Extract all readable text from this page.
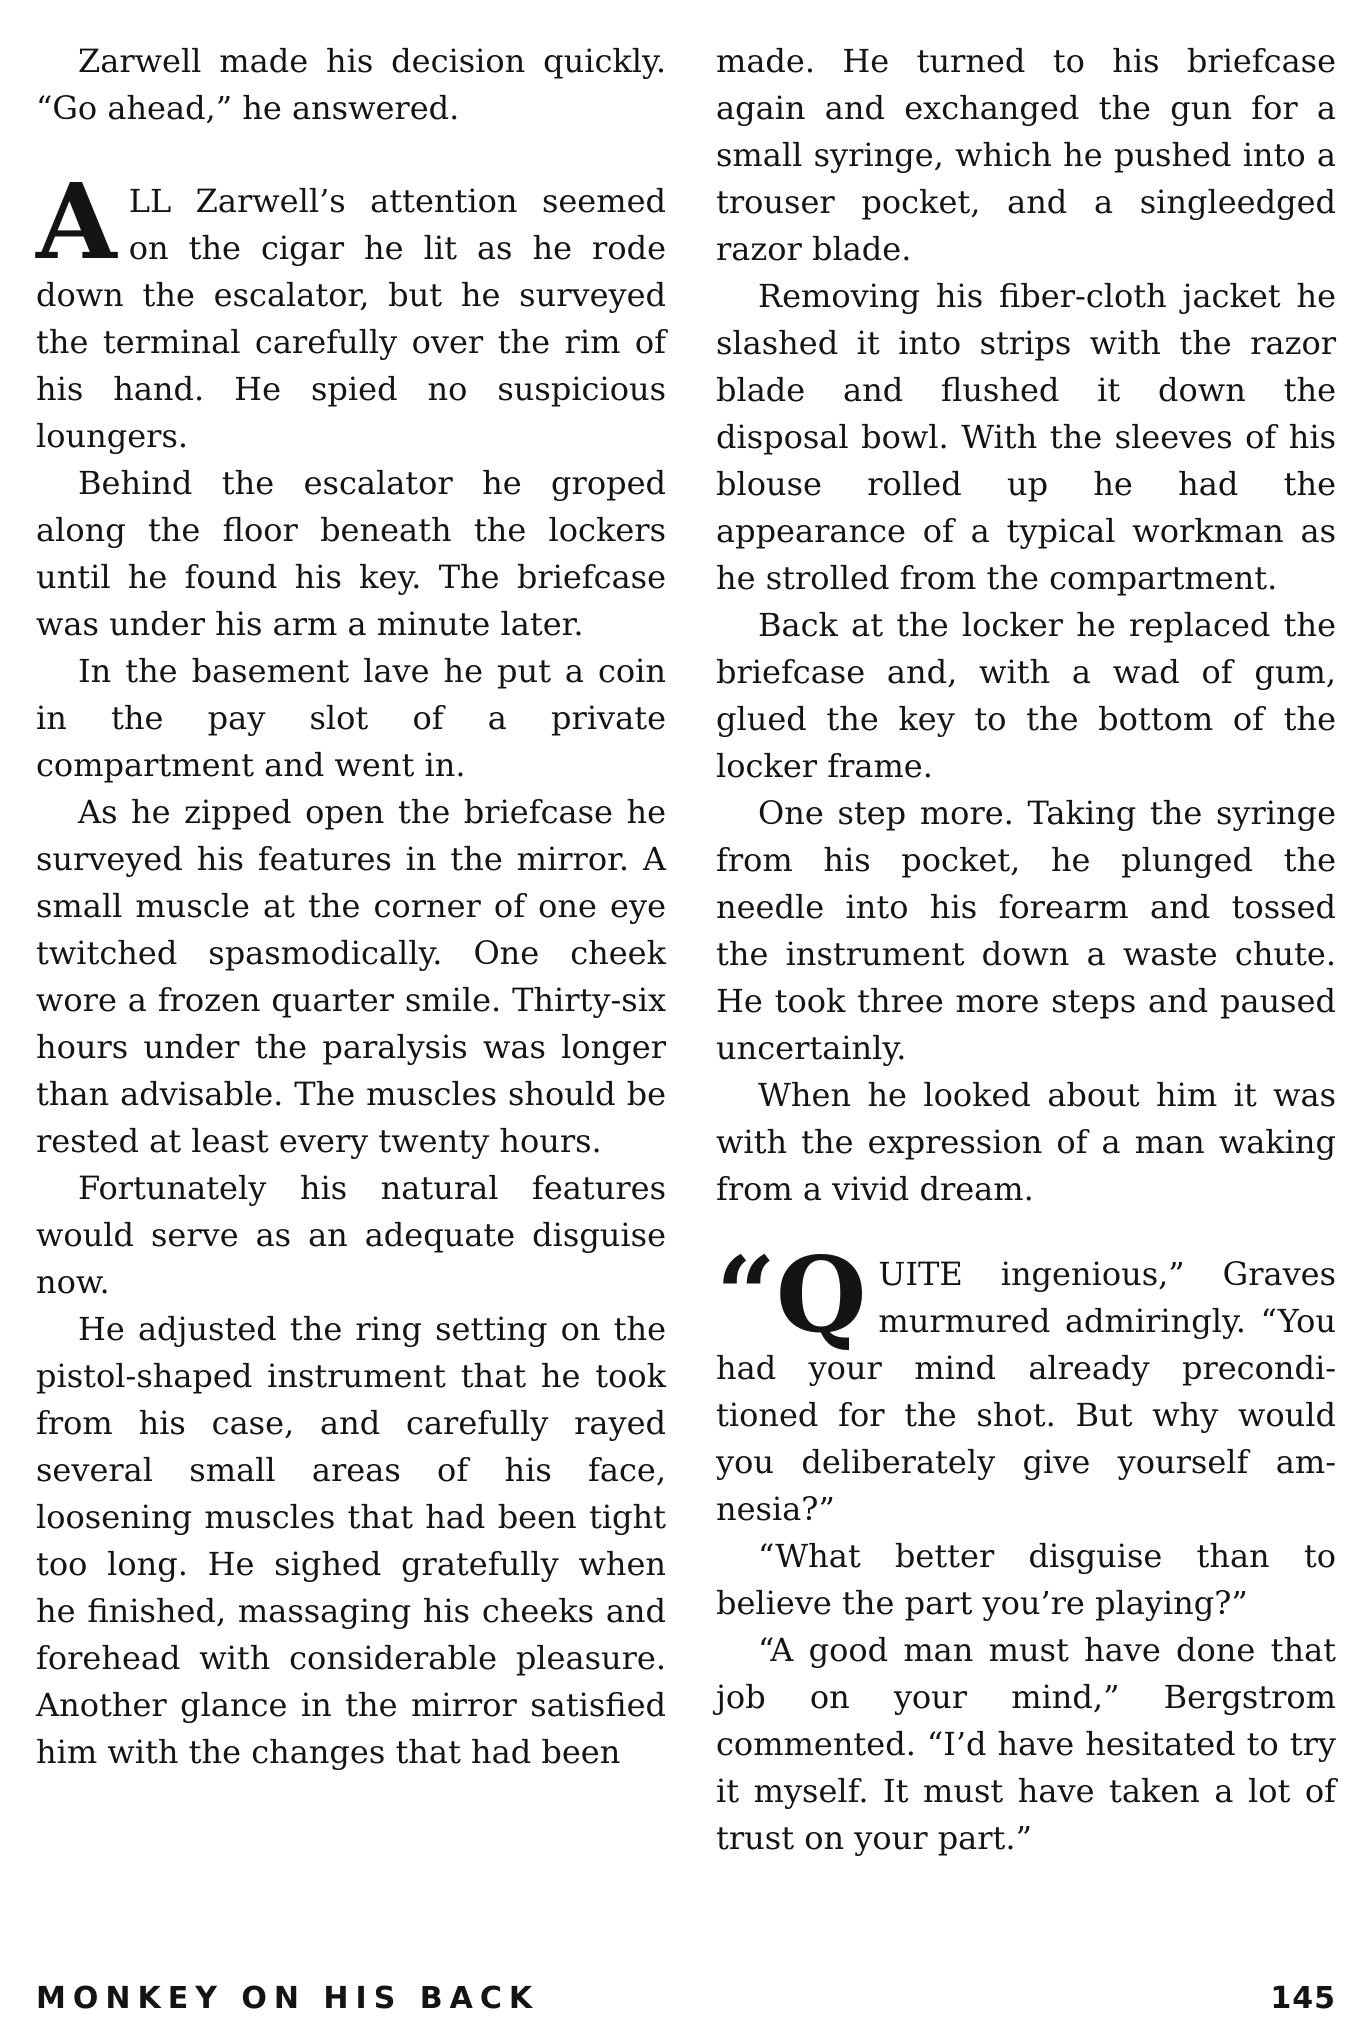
Zarwell made his decision quickly. “Go ahead,” he answered.

ALL Zarwell’s attention seemed on the cigar he lit as he rode down the escalator, but he surveyed the terminal carefully over the rim of his hand. He spied no suspicious loungers.

Behind the escalator he groped along the floor beneath the lockers until he found his key. The briefcase was under his arm a minute later.

In the basement lave he put a coin in the pay slot of a private compartment and went in.

As he zipped open the briefcase he surveyed his features in the mirror. A small muscle at the corner of one eye twitched spasmodically. One cheek wore a frozen quarter smile. Thirty-six hours under the paralysis was longer than advisable. The muscles should be rested at least every twenty hours.

Fortunately his natural features would serve as an adequate disguise now.

He adjusted the ring setting on the pistol-shaped instrument that he took from his case, and carefully rayed several small areas of his face, loosening muscles that had been tight too long. He sighed gratefully when he finished, massaging his cheeks and forehead with considerable pleasure. Another glance in the mirror satisfied him with the changes that had been

made. He turned to his briefcase again and exchanged the gun for a small syringe, which he pushed into a trouser pocket, and a singleedged razor blade.

Removing his fiber-cloth jacket he slashed it into strips with the razor blade and flushed it down the disposal bowl. With the sleeves of his blouse rolled up he had the appearance of a typical workman as he strolled from the compartment.

Back at the locker he replaced the briefcase and, with a wad of gum, glued the key to the bottom of the locker frame.

One step more. Taking the syringe from his pocket, he plunged the needle into his forearm and tossed the instrument down a waste chute. He took three more steps and paused uncertainly.

When he looked about him it was with the expression of a man waking from a vivid dream.

“QUITE ingenious,” Graves murmured admiringly. “You had your mind already preconditioned for the shot. But why would you deliberately give yourself amnesia?”

“What better disguise than to believe the part you’re playing?”

“A good man must have done that job on your mind,” Bergstrom commented. “I’d have hesitated to try it myself. It must have taken a lot of trust on your part.”

MONKEY ON HIS BACK	145
